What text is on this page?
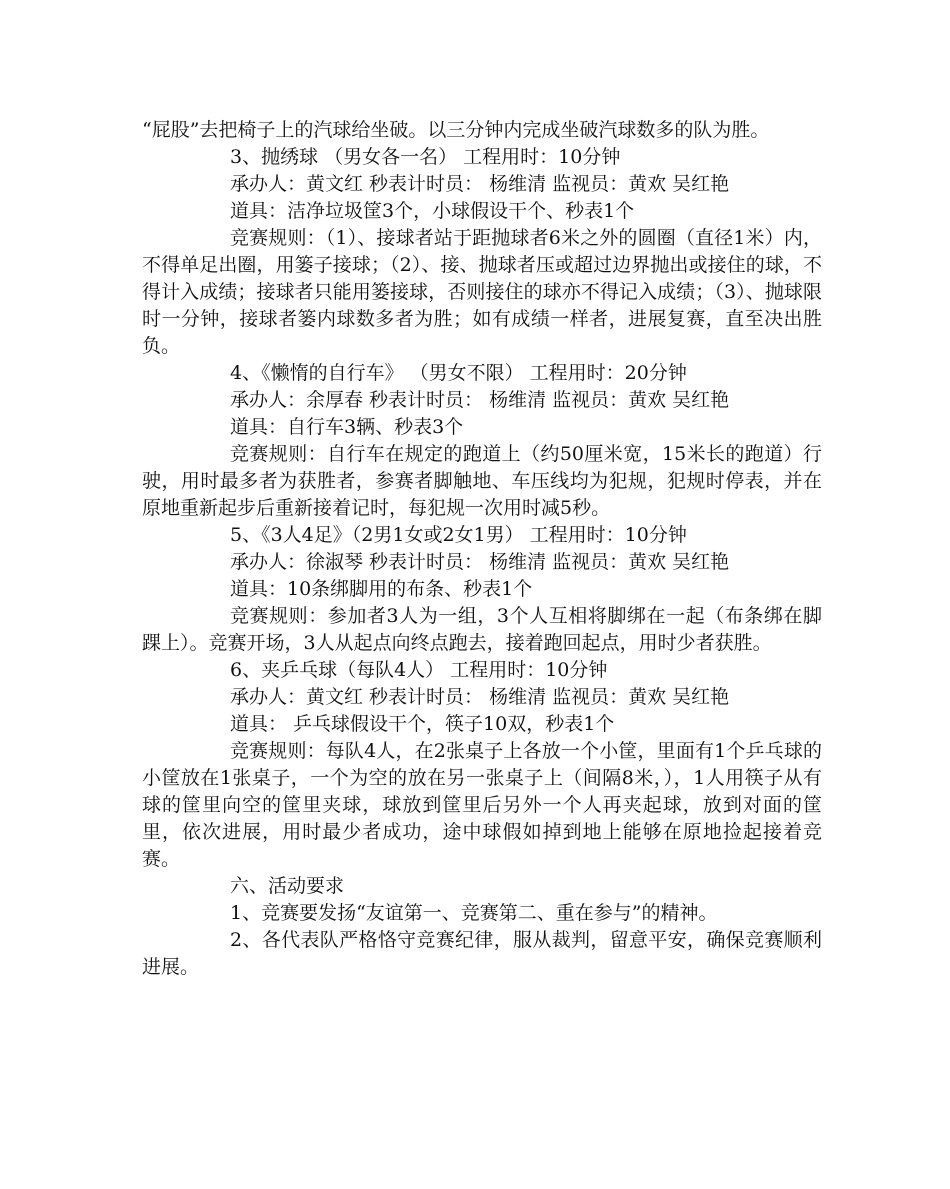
“屁股”去把椅子上的汽球给坐破。以三分钟内完成坐破汽球数多的队为胜。

3、抛绣球 （男女各一名） 工程用时：10分钟

承办人：黄文红 秒表计时员： 杨维清 监视员：黄欢 吴红艳

道具：洁净垃圾筐3个，小球假设干个、秒表1个

竞赛规则：（1）、接球者站于距抛球者6米之外的圆圈（直径1米）内，不得单足出圈，用篓子接球；（2）、接、抛球者压或超过边界抛出或接住的球，不得计入成绩；接球者只能用篓接球，否则接住的球亦不得记入成绩；（3）、抛球限时一分钟，接球者篓内球数多者为胜；如有成绩一样者，进展复赛，直至决出胜负。

4、《懒惰的自行车》 （男女不限） 工程用时：20分钟

承办人：余厚春 秒表计时员： 杨维清 监视员：黄欢 吴红艳

道具：自行车3辆、秒表3个

竞赛规则：自行车在规定的跑道上（约50厘米宽，15米长的跑道）行驶，用时最多者为获胜者，参赛者脚触地、车压线均为犯规，犯规时停表，并在原地重新起步后重新接着记时，每犯规一次用时减5秒。

5、《3人4足》（2男1女或2女1男） 工程用时：10分钟

承办人：徐淑琴 秒表计时员： 杨维清 监视员：黄欢 吴红艳

道具：10条绑脚用的布条、秒表1个

竞赛规则：参加者3人为一组，3个人互相将脚绑在一起（布条绑在脚踝上）。竞赛开场，3人从起点向终点跑去，接着跑回起点，用时少者获胜。

6、夹乒乓球（每队4人） 工程用时：10分钟

承办人：黄文红 秒表计时员： 杨维清 监视员：黄欢 吴红艳

道具： 乒乓球假设干个，筷子10双，秒表1个

竞赛规则：每队4人，在2张桌子上各放一个小筐，里面有1个乒乓球的小筐放在1张桌子，一个为空的放在另一张桌子上（间隔8米，），1人用筷子从有球的筐里向空的筐里夹球，球放到筐里后另外一个人再夹起球，放到对面的筐里，依次进展，用时最少者成功，途中球假如掉到地上能够在原地捡起接着竞赛。

六、活动要求

1、竞赛要发扬“友谊第一、竞赛第二、重在参与”的精神。

2、各代表队严格恪守竞赛纪律，服从裁判，留意平安，确保竞赛顺利进展。
